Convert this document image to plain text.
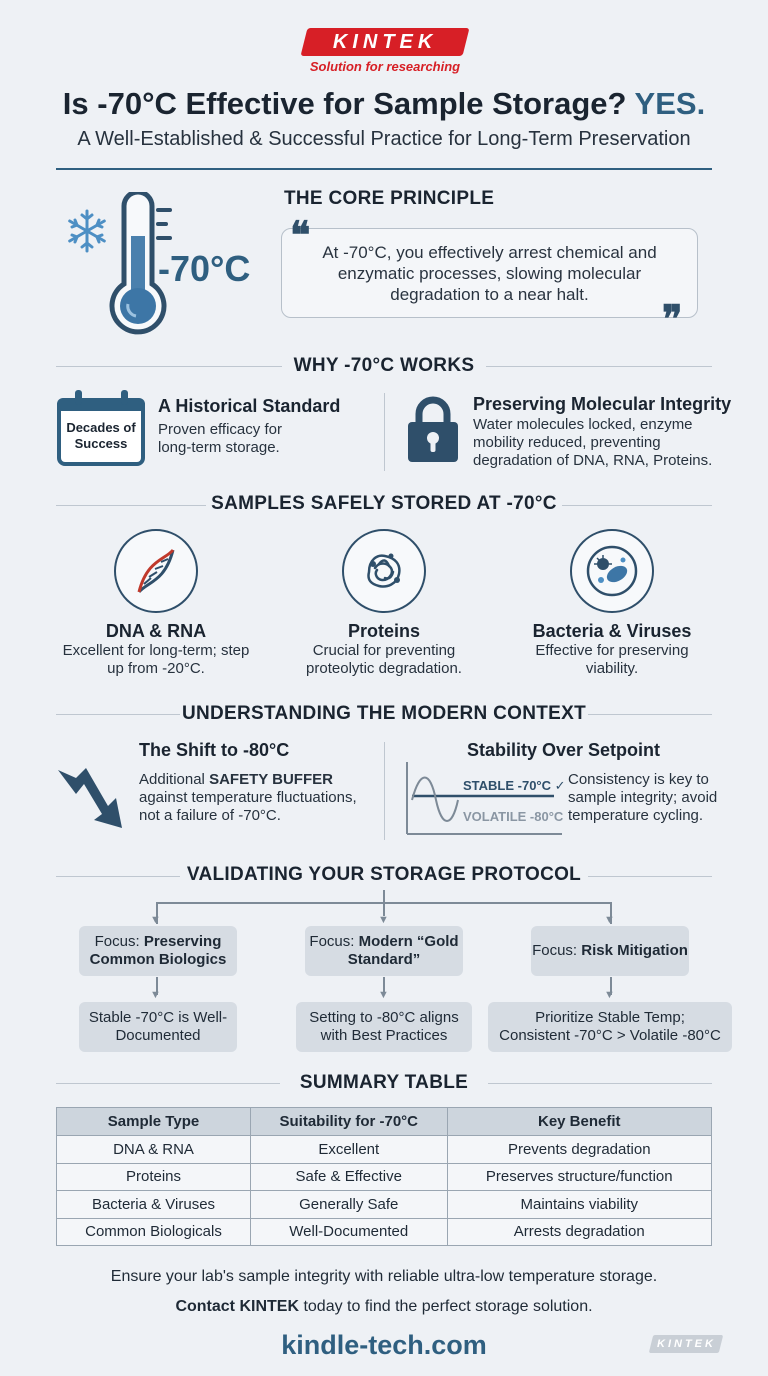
KINTEK
Solution for researching
Is -70°C Effective for Sample Storage? YES.
A Well-Established & Successful Practice for Long-Term Preservation
-70°C
THE CORE PRINCIPLE
At -70°C, you effectively arrest chemical and enzymatic processes, slowing molecular degradation to a near halt.
❝
❞
WHY -70°C WORKS
Decades of Success
A Historical Standard
Proven efficacy for long-term storage.
Preserving Molecular Integrity
Water molecules locked, enzyme mobility reduced, preventing degradation of DNA, RNA, Proteins.
SAMPLES SAFELY STORED AT -70°C
DNA & RNA
Excellent for long-term; step up from -20°C.
Proteins
Crucial for preventing proteolytic degradation.
Bacteria & Viruses
Effective for preserving viability.
UNDERSTANDING THE MODERN CONTEXT
The Shift to -80°C
Additional SAFETY BUFFER against temperature fluctuations, not a failure of -70°C.
Stability Over Setpoint
STABLE -70°C ✓
VOLATILE -80°C
Consistency is key to sample integrity; avoid temperature cycling.
VALIDATING YOUR STORAGE PROTOCOL
▼	▼	▼
Focus: Preserving Common Biologics
Focus: Modern “Gold Standard”
Focus: Risk Mitigation
▼	▼	▼
Stable -70°C is Well-Documented
Setting to -80°C aligns with Best Practices
Prioritize Stable Temp;
Consistent -70°C > Volatile -80°C
SUMMARY TABLE
Sample Type	Suitability for -70°C	Key Benefit
DNA & RNA	Excellent	Prevents degradation
Proteins	Safe & Effective	Preserves structure/function
Bacteria & Viruses	Generally Safe	Maintains viability
Common Biologicals	Well-Documented	Arrests degradation
Ensure your lab's sample integrity with reliable ultra-low temperature storage.
Contact KINTEK today to find the perfect storage solution.
kindle-tech.com	KINTEK
